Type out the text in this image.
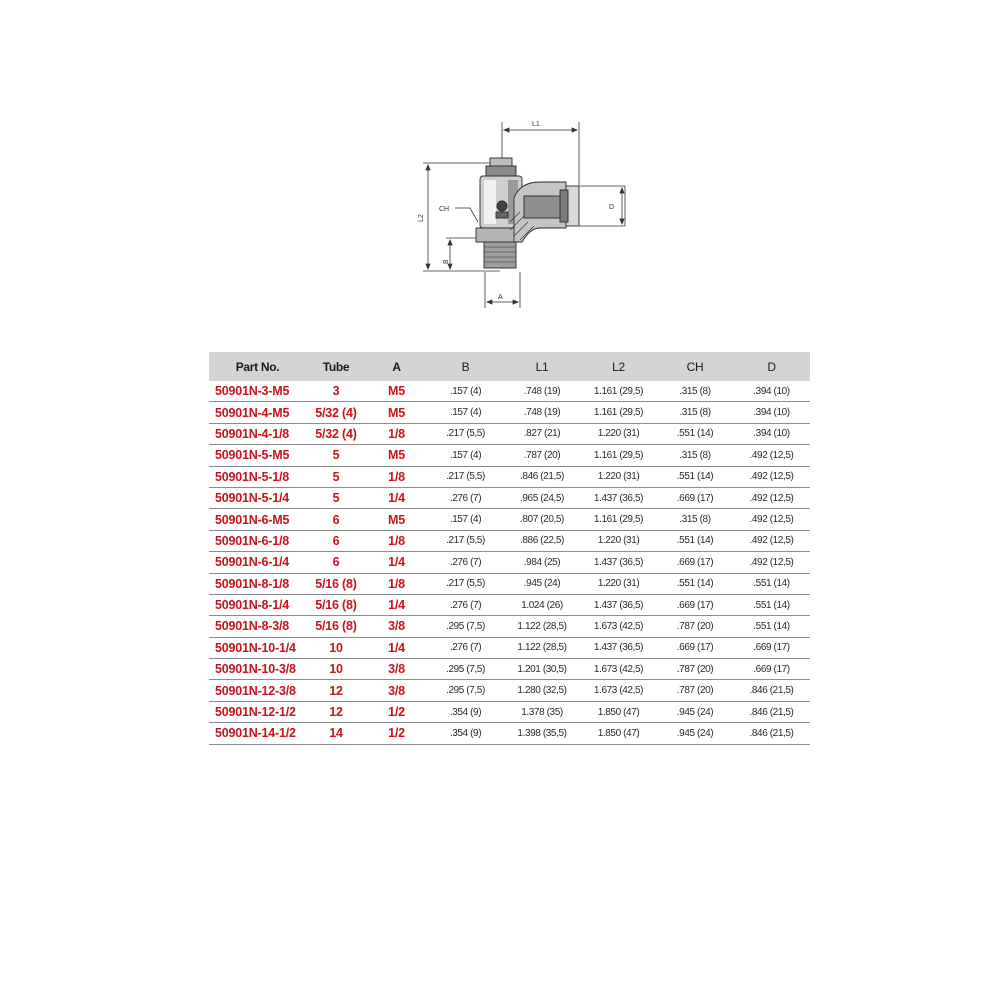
L1
L2
CH
B
A
D
Part No.	Tube	A	B	L1	L2	CH	D
50901N-3-M5	3	M5	.157 (4)	.748 (19)	1.161 (29,5)	.315 (8)	.394 (10)
50901N-4-M5	5/32 (4)	M5	.157 (4)	.748 (19)	1.161 (29,5)	.315 (8)	.394 (10)
50901N-4-1/8	5/32 (4)	1/8	.217 (5,5)	.827 (21)	1.220 (31)	.551 (14)	.394 (10)
50901N-5-M5	5	M5	.157 (4)	.787 (20)	1.161 (29,5)	.315 (8)	.492 (12,5)
50901N-5-1/8	5	1/8	.217 (5,5)	.846 (21,5)	1.220 (31)	.551 (14)	.492 (12,5)
50901N-5-1/4	5	1/4	.276 (7)	.965 (24,5)	1.437 (36,5)	.669 (17)	.492 (12,5)
50901N-6-M5	6	M5	.157 (4)	.807 (20,5)	1.161 (29,5)	.315 (8)	.492 (12,5)
50901N-6-1/8	6	1/8	.217 (5,5)	.886 (22,5)	1.220 (31)	.551 (14)	.492 (12,5)
50901N-6-1/4	6	1/4	.276 (7)	.984 (25)	1.437 (36,5)	.669 (17)	.492 (12,5)
50901N-8-1/8	5/16 (8)	1/8	.217 (5,5)	.945 (24)	1.220 (31)	.551 (14)	.551 (14)
50901N-8-1/4	5/16 (8)	1/4	.276 (7)	1.024 (26)	1.437 (36,5)	.669 (17)	.551 (14)
50901N-8-3/8	5/16 (8)	3/8	.295 (7,5)	1.122 (28,5)	1.673 (42,5)	.787 (20)	.551 (14)
50901N-10-1/4	10	1/4	.276 (7)	1.122 (28,5)	1.437 (36,5)	.669 (17)	.669 (17)
50901N-10-3/8	10	3/8	.295 (7,5)	1.201 (30,5)	1.673 (42,5)	.787 (20)	.669 (17)
50901N-12-3/8	12	3/8	.295 (7,5)	1.280 (32,5)	1.673 (42,5)	.787 (20)	.846 (21,5)
50901N-12-1/2	12	1/2	.354 (9)	1.378 (35)	1.850 (47)	.945 (24)	.846 (21,5)
50901N-14-1/2	14	1/2	.354 (9)	1.398 (35,5)	1.850 (47)	.945 (24)	.846 (21,5)
